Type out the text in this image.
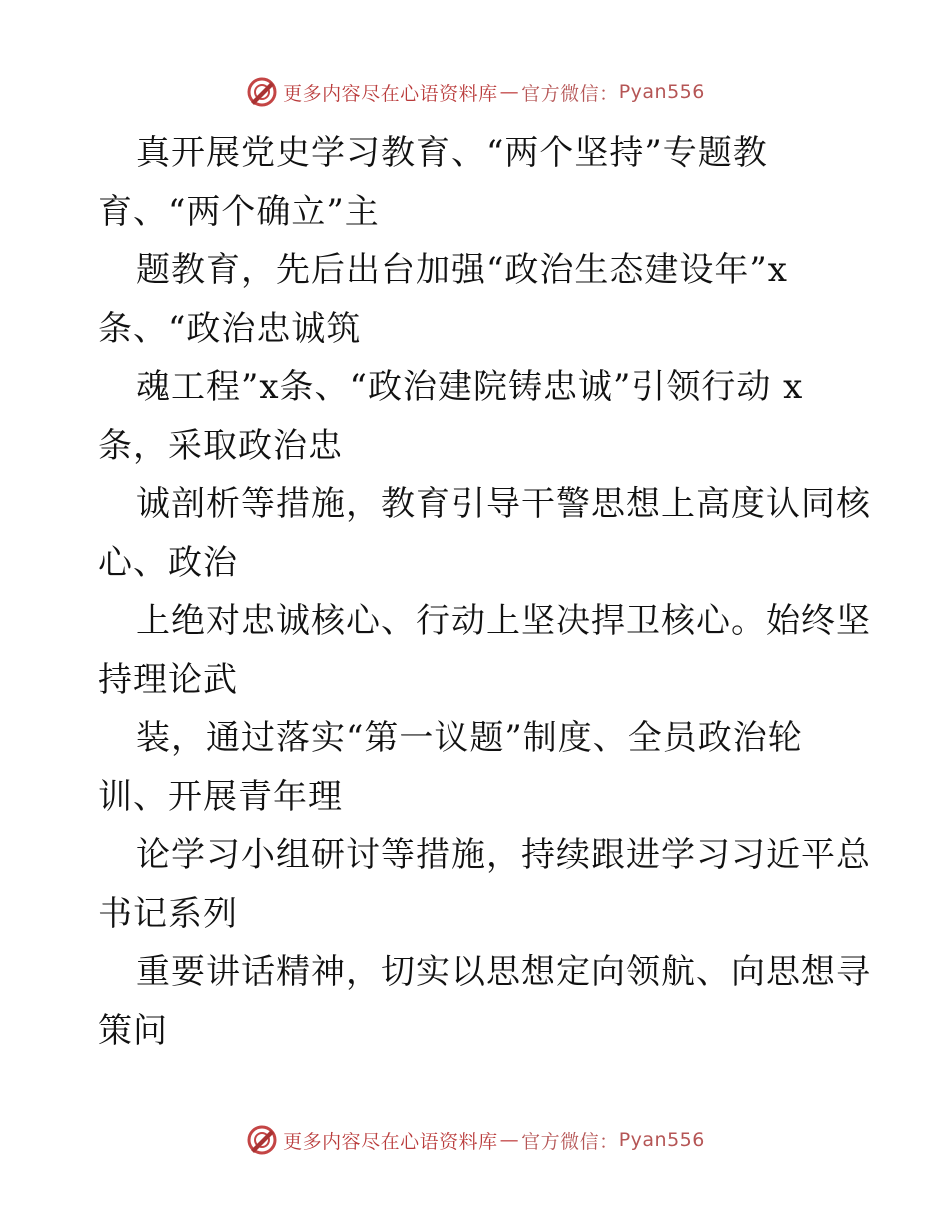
更多内容尽在心语资料库 — 官方微信： Pyan556
真开展党史学习教育、“两个坚持”专题教
育、“两个确立”主
题教育，先后出台加强“政治生态建设年”x
条、“政治忠诚筑
魂工程”x条、“政治建院铸忠诚”引领行动 x
条，采取政治忠
诚剖析等措施，教育引导干警思想上高度认同核
心、政治
上绝对忠诚核心、行动上坚决捍卫核心。始终坚
持理论武
装，通过落实“第一议题”制度、全员政治轮
训、开展青年理
论学习小组研讨等措施，持续跟进学习习近平总
书记系列
重要讲话精神，切实以思想定向领航、向思想寻
策问
更多内容尽在心语资料库 — 官方微信： Pyan556
